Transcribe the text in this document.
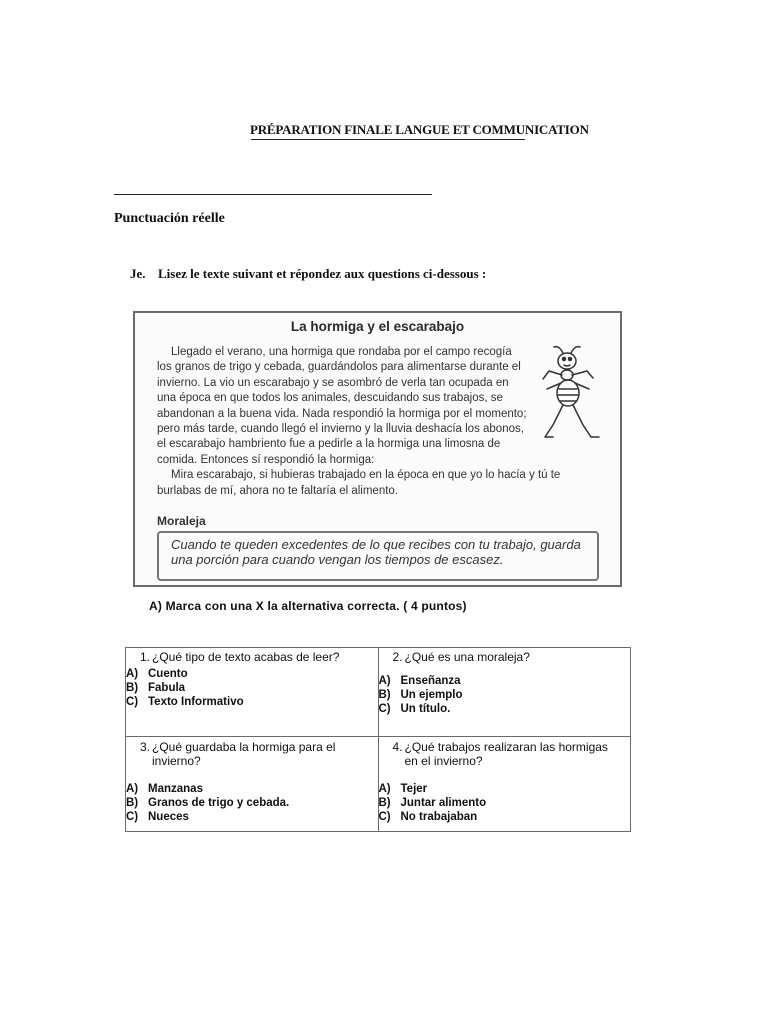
PRÉPARATION FINALE LANGUE ET COMMUNICATION
Punctuación réelle
Je. Lisez le texte suivant et répondez aux questions ci-dessous :
La hormiga y el escarabajo

Llegado el verano, una hormiga que rondaba por el campo recogía los granos de trigo y cebada, guardándolos para alimentarse durante el invierno. La vio un escarabajo y se asombró de verla tan ocupada en una época en que todos los animales, descuidando sus trabajos, se abandonan a la buena vida. Nada respondió la hormiga por el momento; pero más tarde, cuando llegó el invierno y la lluvia deshacía los abonos, el escarabajo hambriento fue a pedirle a la hormiga una limosna de comida. Entonces sí respondió la hormiga:

Mira escarabajo, si hubieras trabajado en la época en que yo lo hacía y tú te burlabas de mí, ahora no te faltaría el alimento.

Moraleja
Cuando te queden excedentes de lo que recibes con tu trabajo, guarda una porción para cuando vengan los tiempos de escasez.
A) Marca con una X la alternativa correcta. ( 4 puntos)
1. ¿Qué tipo de texto acabas de leer?
A) Cuento
B) Fabula
C) Texto Informativo	2. ¿Qué es una moraleja?
A) Enseñanza
B) Un ejemplo
C) Un título.

3. ¿Qué guardaba la hormiga para el invierno?
A) Manzanas
B) Granos de trigo y cebada.
C) Nueces	4. ¿Qué trabajos realizaran las hormigas en el invierno?
A) Tejer
B) Juntar alimento
C) No trabajaban
